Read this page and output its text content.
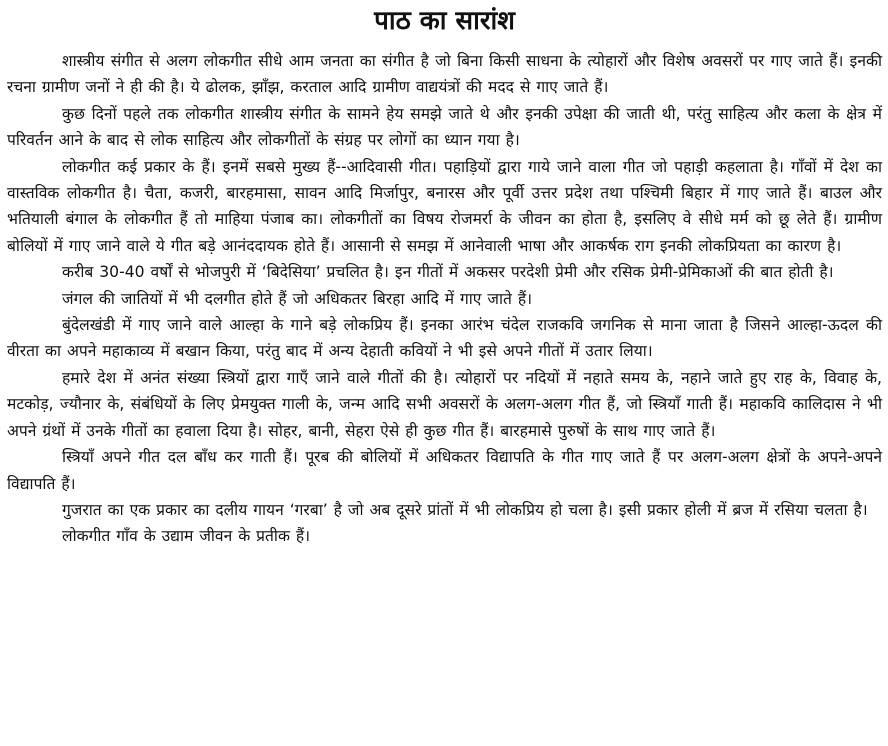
पाठ का सारांश

शास्त्रीय संगीत से अलग लोकगीत सीधे आम जनता का संगीत है जो बिना किसी साधना के त्योहारों और विशेष अवसरों पर गाए जाते हैं। इनकी रचना ग्रामीण जनों ने ही की है। ये ढोलक, झाँझ, करताल आदि ग्रामीण वाद्ययंत्रों की मदद से गाए जाते हैं।

कुछ दिनों पहले तक लोकगीत शास्त्रीय संगीत के सामने हेय समझे जाते थे और इनकी उपेक्षा की जाती थी, परंतु साहित्य और कला के क्षेत्र में परिवर्तन आने के बाद से लोक साहित्य और लोकगीतों के संग्रह पर लोगों का ध्यान गया है।

लोकगीत कई प्रकार के हैं। इनमें सबसे मुख्य हैं--आदिवासी गीत। पहाड़ियों द्वारा गाये जाने वाला गीत जो पहाड़ी कहलाता है। गाँवों में देश का वास्तविक लोकगीत है। चैता, कजरी, बारहमासा, सावन आदि मिर्जापुर, बनारस और पूर्वी उत्तर प्रदेश तथा पश्चिमी बिहार में गाए जाते हैं। बाउल और भतियाली बंगाल के लोकगीत हैं तो माहिया पंजाब का। लोकगीतों का विषय रोजमर्रा के जीवन का होता है, इसलिए वे सीधे मर्म को छू लेते हैं। ग्रामीण बोलियों में गाए जाने वाले ये गीत बड़े आनंददायक होते हैं। आसानी से समझ में आनेवाली भाषा और आकर्षक राग इनकी लोकप्रियता का कारण है।

करीब 30-40 वर्षों से भोजपुरी में ‘बिदेसिया’ प्रचलित है। इन गीतों में अकसर परदेशी प्रेमी और रसिक प्रेमी-प्रेमिकाओं की बात होती है।

जंगल की जातियों में भी दलगीत होते हैं जो अधिकतर बिरहा आदि में गाए जाते हैं।

बुंदेलखंडी में गाए जाने वाले आल्हा के गाने बड़े लोकप्रिय हैं। इनका आरंभ चंदेल राजकवि जगनिक से माना जाता है जिसने आल्हा-ऊदल की वीरता का अपने महाकाव्य में बखान किया, परंतु बाद में अन्य देहाती कवियों ने भी इसे अपने गीतों में उतार लिया।

हमारे देश में अनंत संख्या स्त्रियों द्वारा गाएँ जाने वाले गीतों की है। त्योहारों पर नदियों में नहाते समय के, नहाने जाते हुए राह के, विवाह के, मटकोड़, ज्यौनार के, संबंधियों के लिए प्रेमयुक्त गाली के, जन्म आदि सभी अवसरों के अलग-अलग गीत हैं, जो स्त्रियाँ गाती हैं। महाकवि कालिदास ने भी अपने ग्रंथों में उनके गीतों का हवाला दिया है। सोहर, बानी, सेहरा ऐसे ही कुछ गीत हैं। बारहमासे पुरुषों के साथ गाए जाते हैं।

स्त्रियाँ अपने गीत दल बाँध कर गाती हैं। पूरब की बोलियों में अधिकतर विद्यापति के गीत गाए जाते हैं पर अलग-अलग क्षेत्रों के अपने-अपने विद्यापति हैं।

गुजरात का एक प्रकार का दलीय गायन ‘गरबा’ है जो अब दूसरे प्रांतों में भी लोकप्रिय हो चला है। इसी प्रकार होली में ब्रज में रसिया चलता है।

लोकगीत गाँव के उद्याम जीवन के प्रतीक हैं।
